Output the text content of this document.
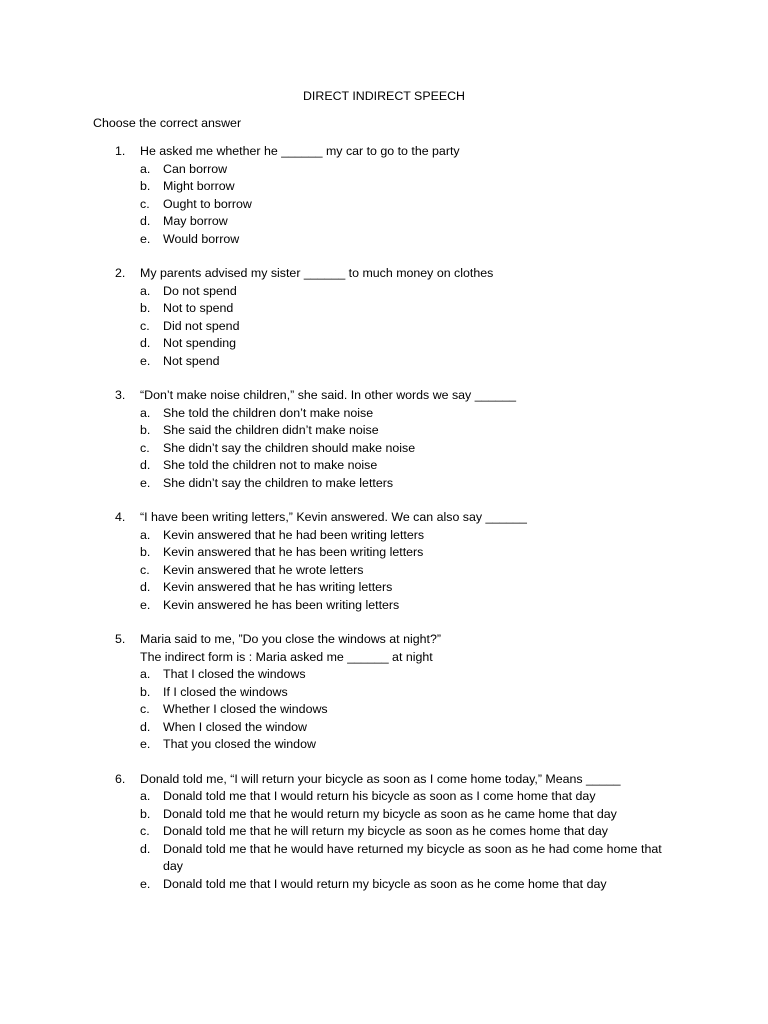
DIRECT INDIRECT SPEECH
Choose the correct answer
1. He asked me whether he ______ my car to go to the party
a. Can borrow
b. Might borrow
c. Ought to borrow
d. May borrow
e. Would borrow
2. My parents advised my sister ______ to much money on clothes
a. Do not spend
b. Not to spend
c. Did not spend
d. Not spending
e. Not spend
3. “Don’t make noise children,” she said. In other words we say ______
a. She told the children don’t make noise
b. She said the children didn’t make noise
c. She didn’t say the children should make noise
d. She told the children not to make noise
e. She didn’t say the children to make letters
4. “I have been writing letters,” Kevin answered. We can also say ______
a. Kevin answered that he had been writing letters
b. Kevin answered that he has been writing letters
c. Kevin answered that he wrote letters
d. Kevin answered that he has writing letters
e. Kevin answered he has been writing letters
5. Maria said to me, ”Do you close the windows at night?”
The indirect form is : Maria asked me ______ at night
a. That I closed the windows
b. If I closed the windows
c. Whether I closed the windows
d. When I closed the window
e. That you closed the window
6. Donald told me, “I will return your bicycle as soon as I come home today,” Means _____
a. Donald told me that I would return his bicycle as soon as I come home that day
b. Donald told me that he would return my bicycle as soon as he came home that day
c. Donald told me that he will return my bicycle as soon as he comes home that day
d. Donald told me that he would have returned my bicycle as soon as he had come home that day
e. Donald told me that I would return my bicycle as soon as he come home that day
